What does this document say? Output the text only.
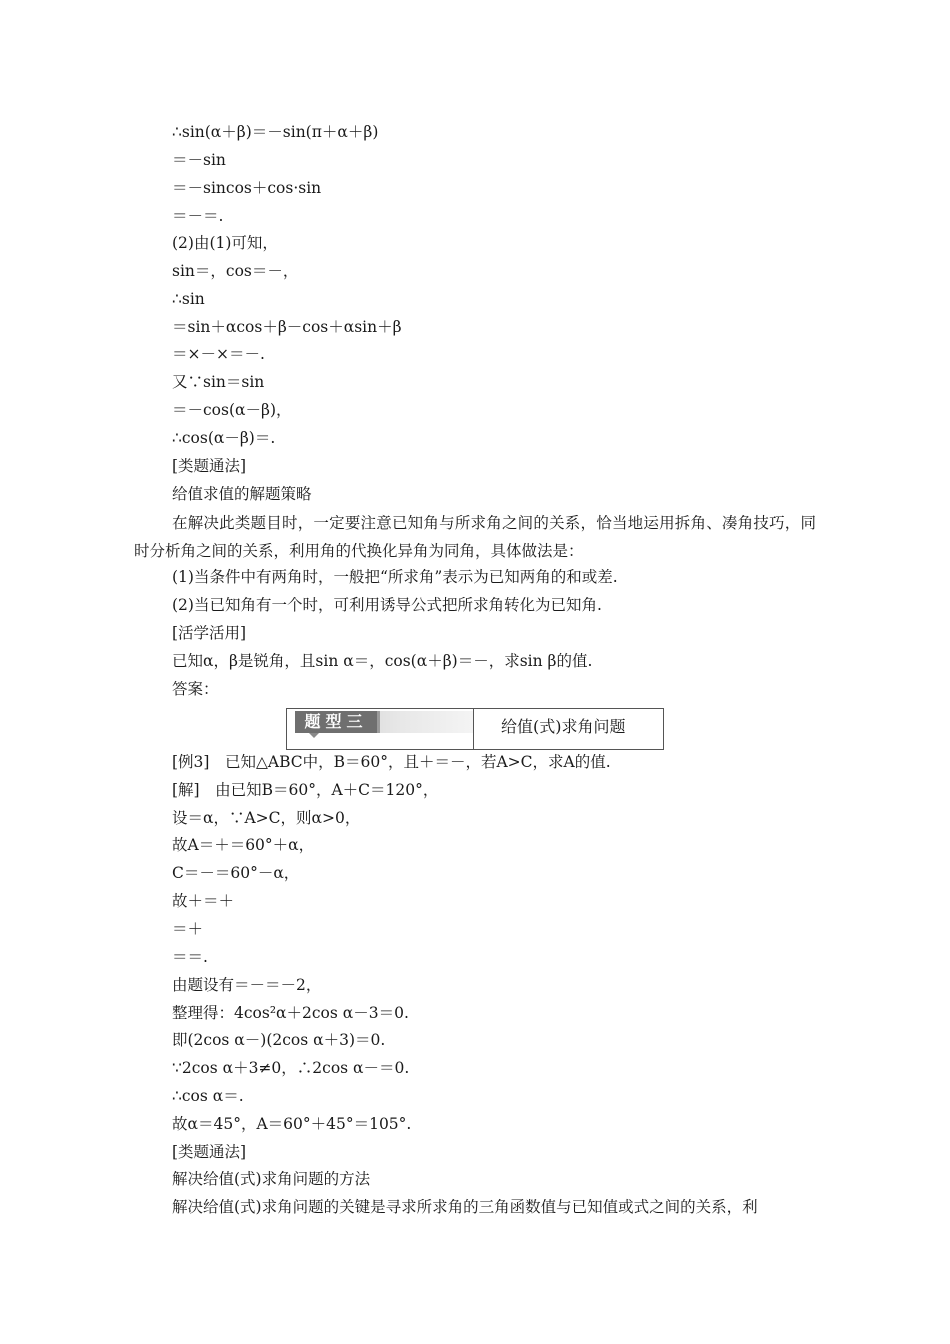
∴sin(α＋β)＝－sin(π＋α＋β)
＝－sin
＝－sincos＋cos·sin
＝－＝.
(2)由(1)可知，
sin＝，cos＝－，
∴sin
＝sin＋αcos＋β－cos＋αsin＋β
＝×－×＝－.
又∵sin＝sin
＝－cos(α－β)，
∴cos(α－β)＝.
[类题通法]
给值求值的解题策略
在解决此类题目时，一定要注意已知角与所求角之间的关系，恰当地运用拆角、凑角技巧，同时分析角之间的关系，利用角的代换化异角为同角，具体做法是：
(1)当条件中有两角时，一般把“所求角”表示为已知两角的和或差.
(2)当已知角有一个时，可利用诱导公式把所求角转化为已知角.
[活学活用]
已知α，β是锐角，且sin α＝，cos(α＋β)＝－，求sin β的值.
答案：
题型三	给值(式)求角问题
[例3]　已知△ABC中，B＝60°，且＋＝－，若A>C，求A的值.
[解]　由已知B＝60°，A＋C＝120°，
设＝α，∵A>C，则α>0，
故A＝＋＝60°＋α，
C＝－＝60°－α，
故＋＝＋
＝＋
＝＝.
由题设有＝－＝－2，
整理得：4cos²α＋2cos α－3＝0.
即(2cos α－)(2cos α＋3)＝0.
∵2cos α＋3≠0，∴2cos α－＝0.
∴cos α＝.
故α＝45°，A＝60°＋45°＝105°.
[类题通法]
解决给值(式)求角问题的方法
解决给值(式)求角问题的关键是寻求所求角的三角函数值与已知值或式之间的关系，利
